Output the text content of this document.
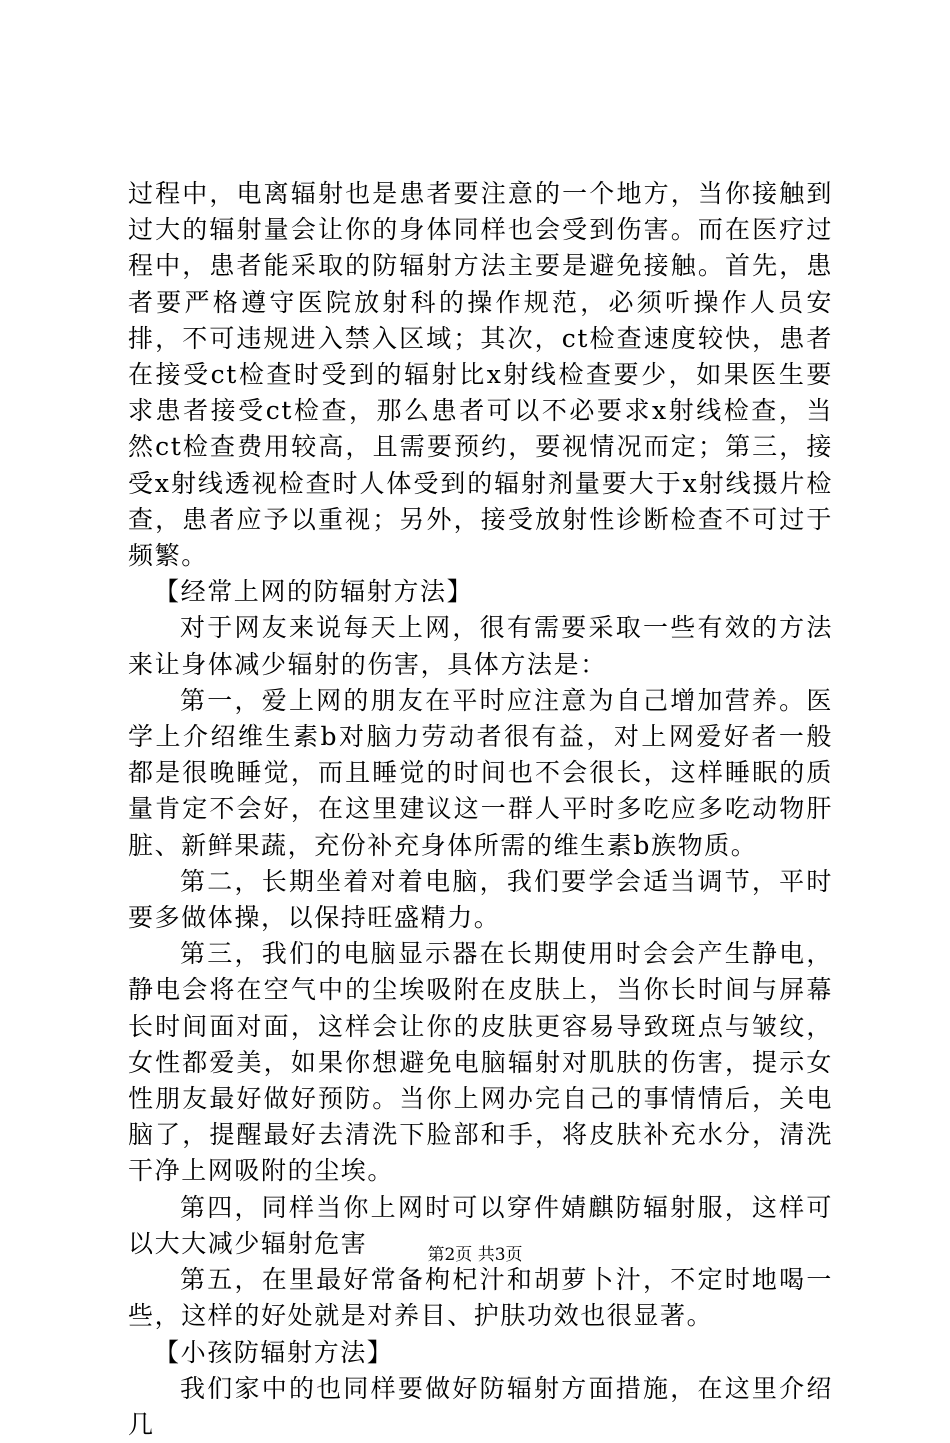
过程中，电离辐射也是患者要注意的一个地方，当你接触到过大的辐射量会让你的身体同样也会受到伤害。而在医疗过程中，患者能采取的防辐射方法主要是避免接触。首先，患者要严格遵守医院放射科的操作规范，必须听操作人员安排，不可违规进入禁入区域；其次，ct检查速度较快，患者在接受ct检查时受到的辐射比x射线检查要少，如果医生要求患者接受ct检查，那么患者可以不必要求x射线检查，当然ct检查费用较高，且需要预约，要视情况而定；第三，接受x射线透视检查时人体受到的辐射剂量要大于x射线摄片检查，患者应予以重视；另外，接受放射性诊断检查不可过于频繁。

【经常上网的防辐射方法】

对于网友来说每天上网，很有需要采取一些有效的方法来让身体减少辐射的伤害，具体方法是：

第一，爱上网的朋友在平时应注意为自己增加营养。医学上介绍维生素b对脑力劳动者很有益，对上网爱好者一般都是很晚睡觉，而且睡觉的时间也不会很长，这样睡眠的质量肯定不会好，在这里建议这一群人平时多吃应多吃动物肝脏、新鲜果蔬，充份补充身体所需的维生素b族物质。

第二，长期坐着对着电脑，我们要学会适当调节，平时要多做体操，以保持旺盛精力。

第三，我们的电脑显示器在长期使用时会会产生静电，静电会将在空气中的尘埃吸附在皮肤上，当你长时间与屏幕长时间面对面，这样会让你的皮肤更容易导致斑点与皱纹，女性都爱美，如果你想避免电脑辐射对肌肤的伤害，提示女性朋友最好做好预防。当你上网办完自己的事情情后，关电脑了，提醒最好去清洗下脸部和手，将皮肤补充水分，清洗干净上网吸附的尘埃。

第四，同样当你上网时可以穿件婧麒防辐射服，这样可以大大减少辐射危害

第五，在里最好常备枸杞汁和胡萝卜汁，不定时地喝一些，这样的好处就是对养目、护肤功效也很显著。

【小孩防辐射方法】

我们家中的也同样要做好防辐射方面措施，在这里介绍几

第2页 共3页
